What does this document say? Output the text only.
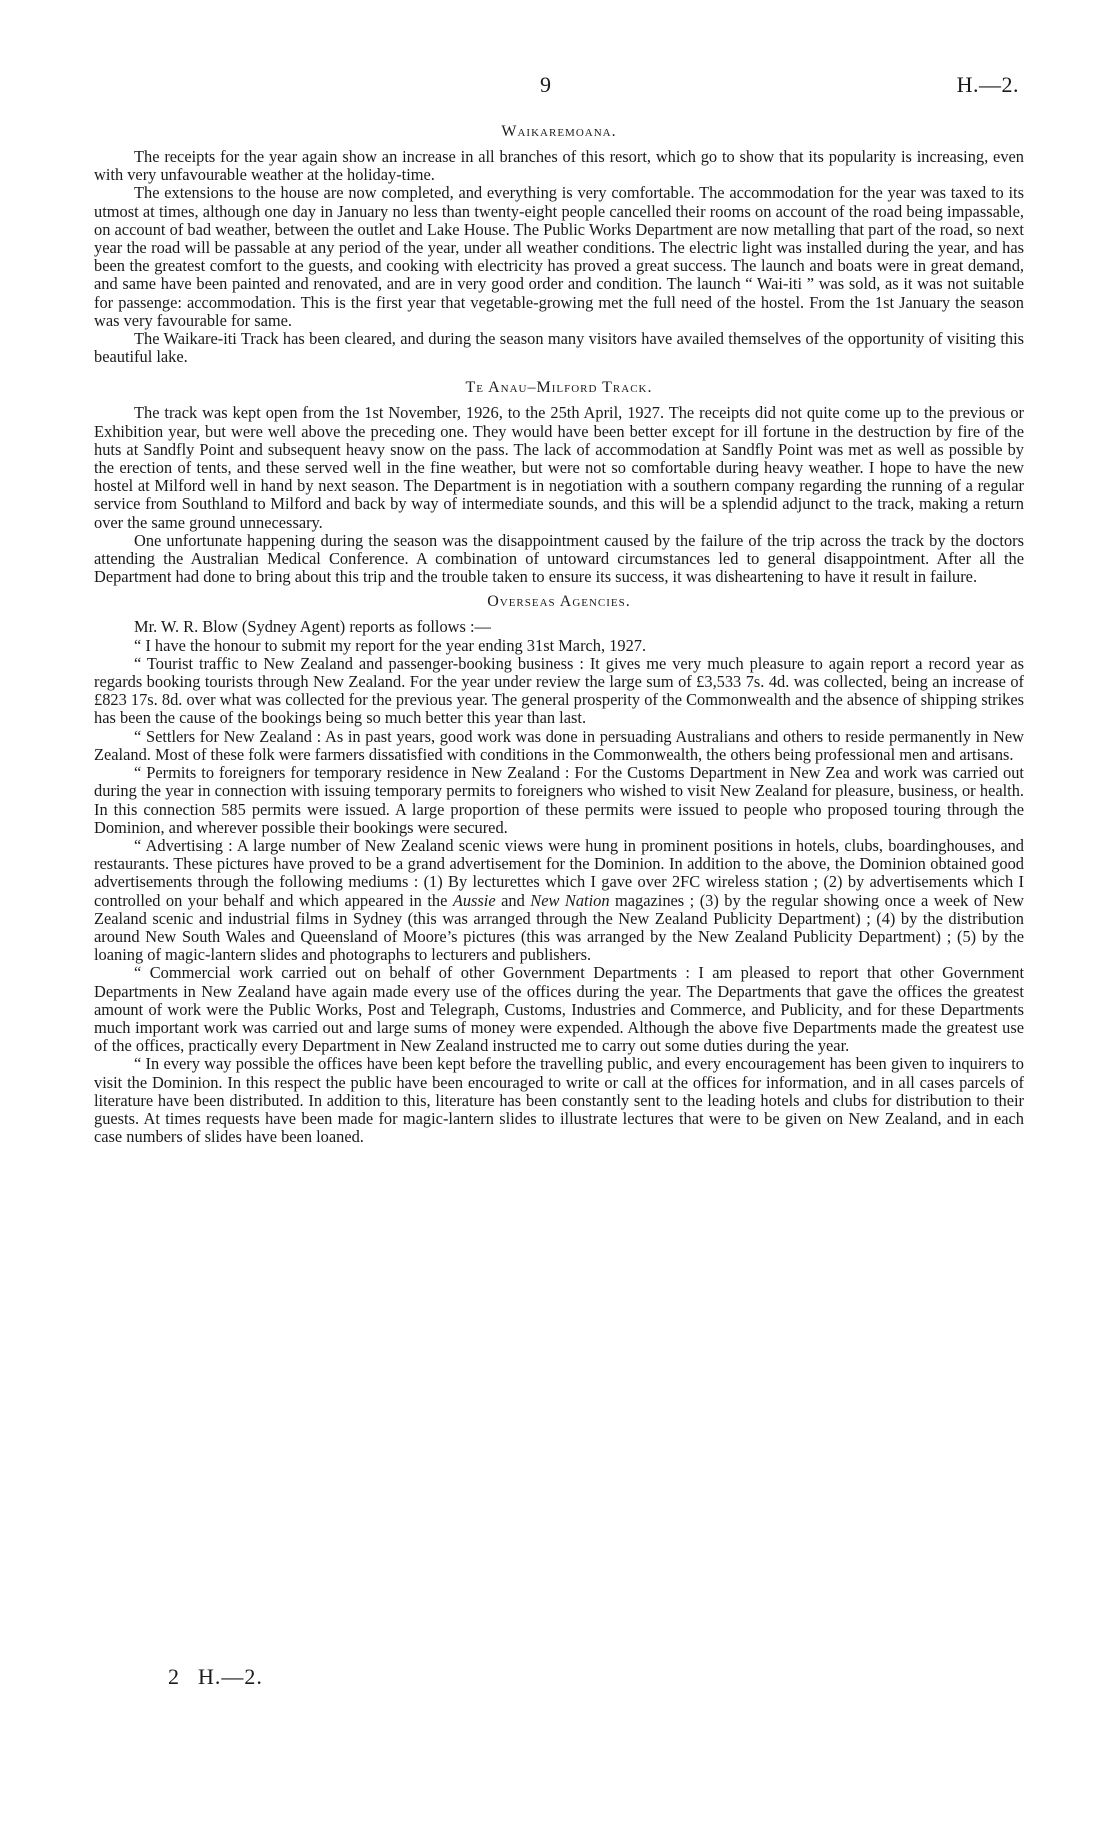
9	H.—2.
Waikaremoana.

The receipts for the year again show an increase in all branches of this resort, which go to show that its popularity is increasing, even with very unfavourable weather at the holiday-time.

The extensions to the house are now completed, and everything is very comfortable. The accommodation for the year was taxed to its utmost at times, although one day in January no less than twenty-eight people cancelled their rooms on account of the road being impassable, on account of bad weather, between the outlet and Lake House. The Public Works Department are now metalling that part of the road, so next year the road will be passable at any period of the year, under all weather conditions. The electric light was installed during the year, and has been the greatest comfort to the guests, and cooking with electricity has proved a great success. The launch and boats were in great demand, and same have been painted and renovated, and are in very good order and condition. The launch “ Wai-iti ” was sold, as it was not suitable for passenge: accommodation. This is the first year that vegetable-growing met the full need of the hostel. From the 1st January the season was very favourable for same.

The Waikare-iti Track has been cleared, and during the season many visitors have availed themselves of the opportunity of visiting this beautiful lake.

Te Anau–Milford Track.

The track was kept open from the 1st November, 1926, to the 25th April, 1927. The receipts did not quite come up to the previous or Exhibition year, but were well above the preceding one. They would have been better except for ill fortune in the destruction by fire of the huts at Sandfly Point and subsequent heavy snow on the pass. The lack of accommodation at Sandfly Point was met as well as possible by the erection of tents, and these served well in the fine weather, but were not so comfortable during heavy weather. I hope to have the new hostel at Milford well in hand by next season. The Department is in negotiation with a southern company regarding the running of a regular service from Southland to Milford and back by way of intermediate sounds, and this will be a splendid adjunct to the track, making a return over the same ground unnecessary.

One unfortunate happening during the season was the disappointment caused by the failure of the trip across the track by the doctors attending the Australian Medical Conference. A combination of untoward circumstances led to general disappointment. After all the Department had done to bring about this trip and the trouble taken to ensure its success, it was disheartening to have it result in failure.

Overseas Agencies.

Mr. W. R. Blow (Sydney Agent) reports as follows :—

“ I have the honour to submit my report for the year ending 31st March, 1927.

“ Tourist traffic to New Zealand and passenger-booking business : It gives me very much pleasure to again report a record year as regards booking tourists through New Zealand. For the year under review the large sum of £3,533 7s. 4d. was collected, being an increase of £823 17s. 8d. over what was collected for the previous year. The general prosperity of the Commonwealth and the absence of shipping strikes has been the cause of the bookings being so much better this year than last.

“ Settlers for New Zealand : As in past years, good work was done in persuading Australians and others to reside permanently in New Zealand. Most of these folk were farmers dissatisfied with conditions in the Commonwealth, the others being professional men and artisans.

“ Permits to foreigners for temporary residence in New Zealand : For the Customs Department in New Zea and work was carried out during the year in connection with issuing temporary permits to foreigners who wished to visit New Zealand for pleasure, business, or health. In this connection 585 permits were issued. A large proportion of these permits were issued to people who proposed touring through the Dominion, and wherever possible their bookings were secured.

“ Advertising : A large number of New Zealand scenic views were hung in prominent positions in hotels, clubs, boardinghouses, and restaurants. These pictures have proved to be a grand advertisement for the Dominion. In addition to the above, the Dominion obtained good advertisements through the following mediums : (1) By lecturettes which I gave over 2FC wireless station ; (2) by advertisements which I controlled on your behalf and which appeared in the Aussie and New Nation magazines ; (3) by the regular showing once a week of New Zealand scenic and industrial films in Sydney (this was arranged through the New Zealand Publicity Department) ; (4) by the distribution around New South Wales and Queensland of Moore’s pictures (this was arranged by the New Zealand Publicity Department) ; (5) by the loaning of magic-lantern slides and photographs to lecturers and publishers.

“ Commercial work carried out on behalf of other Government Departments : I am pleased to report that other Government Departments in New Zealand have again made every use of the offices during the year. The Departments that gave the offices the greatest amount of work were the Public Works, Post and Telegraph, Customs, Industries and Commerce, and Publicity, and for these Departments much important work was carried out and large sums of money were expended. Although the above five Departments made the greatest use of the offices, practically every Department in New Zealand instructed me to carry out some duties during the year.

“ In every way possible the offices have been kept before the travelling public, and every encouragement has been given to inquirers to visit the Dominion. In this respect the public have been encouraged to write or call at the offices for information, and in all cases parcels of literature have been distributed. In addition to this, literature has been constantly sent to the leading hotels and clubs for distribution to their guests. At times requests have been made for magic-lantern slides to illustrate lectures that were to be given on New Zealand, and in each case numbers of slides have been loaned.

2 H.—2.
